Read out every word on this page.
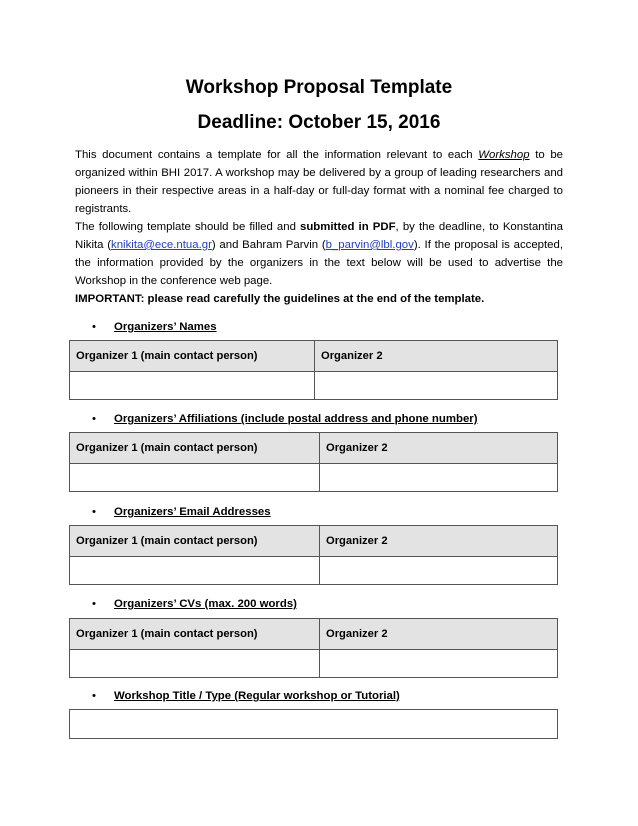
Workshop Proposal Template
Deadline: October 15, 2016

This document contains a template for all the information relevant to each Workshop to be organized within BHI 2017. A workshop may be delivered by a group of leading researchers and pioneers in their respective areas in a half-day or full-day format with a nominal fee charged to registrants.

The following template should be filled and submitted in PDF, by the deadline, to Konstantina Nikita (knikita@ece.ntua.gr) and Bahram Parvin (b_parvin@lbl.gov). If the proposal is accepted, the information provided by the organizers in the text below will be used to advertise the Workshop in the conference web page.

IMPORTANT: please read carefully the guidelines at the end of the template.

• Organizers’ Names
Organizer 1 (main contact person)	Organizer 2

• Organizers’ Affiliations (include postal address and phone number)
Organizer 1 (main contact person)	Organizer 2

• Organizers’ Email Addresses
Organizer 1 (main contact person)	Organizer 2

• Organizers’ CVs (max. 200 words)
Organizer 1 (main contact person)	Organizer 2

• Workshop Title / Type (Regular workshop or Tutorial)
